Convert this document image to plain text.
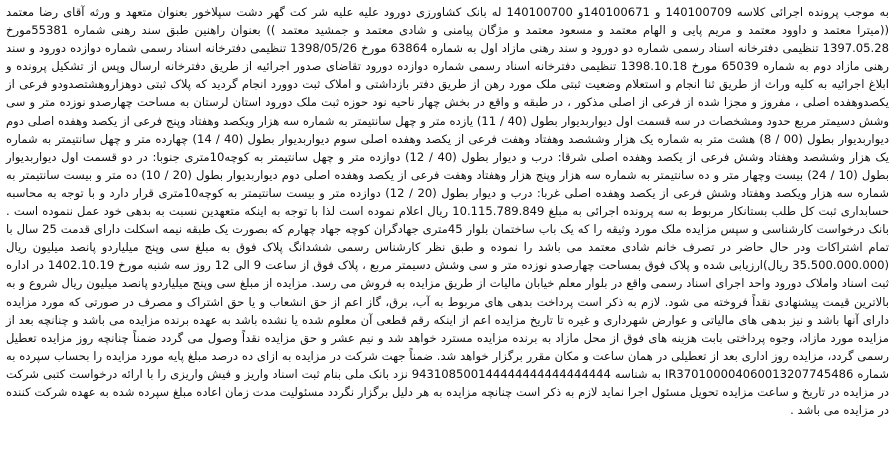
به موجب پرونده اجرائی کلاسه 140100709 و 140100671و 140100700 له بانک کشاورزی دورود علیه علیه شر کت گهر دشت سپلاخور بعنوان متعهد و ورثه آقای رضا معتمد ((میترا معتمد و داوود معتمد و مریم پایی و الهام معتمد و مسعود معتمد و مژگان پیامنی و شادی معتمد و جمشید معتمد )) بعنوان راهنین طبق سند رهنی شماره 55381مورخ 1397.05.28 تنظیمی دفترخانه اسناد رسمی شماره دو دورود و سند رهنی مازاد اول به شماره 63864 مورخ 1398/05/26 تنظیمی دفترخانه اسناد رسمی شماره دوازده دورود و سند رهنی مازاد دوم به شماره 65039 مورخ 1398.10.18 تنظیمی دفترخانه اسناد رسمی شماره دوازده دورود تقاضای صدور اجرائیه از طریق دفترخانه ارسال وپس از تشکیل پرونده و ابلاغ اجرائیه به کلیه وراث از طریق ثنا انجام و استعلام وضعیت ثبتی ملک مورد رهن از طریق دفتر بازداشتی و املاک ثبت دوورد انجام گردید که پلاک ثبتی دوهزاروهشتصدودو فرعی از یکصدوهفده اصلی ، مفروز و مجزا شده از فرعی از اصلی مذکور ، در طبقه و واقع در بخش چهار ناحیه نود حوزه ثبت ملک دورود استان لرستان به مساحت چهارصدو نوزده متر و سی وشش دسیمتر مربع حدود ومشخصات در سه قسمت اول دیواربدیوار بطول (40 / 11) یازده متر و چهل سانتیمتر به شماره سه هزار ویکصد وهفتاد وپنج فرعی از یکصد وهفده اصلی دوم دیواربدیوار بطول (00 / 8) هشت متر به شماره یک هزار وششصد وهفتاد وهفت فرعی از یکصد وهفده اصلی سوم دیواربدیوار بطول (40 / 14) چهارده متر و چهل سانتیمتر به شماره یک هزار وششصد وهفتاد وشش فرعی از یکصد وهفده اصلی شرقا: درب و دیوار بطول (40 / 12) دوازده متر و چهل سانتیمتر به کوچه10متری جنوبا: در دو قسمت اول دیواربدیوار بطول (10 / 24) بیست وچهار متر و ده سانتیمتر به شماره سه هزار وپنج هزار وهفتاد وهفت فرعی از یکصد وهفده اصلی دوم دیواربدیوار بطول (20 / 10) ده متر و بیست سانتیمتر به شماره سه هزار ویکصد وهفتاد وشش فرعی از یکصد وهفده اصلی غربا: درب و دیوار بطول (20 / 12) دوازده متر و بیست سانتیمتر به کوچه10متری قرار دارد و با توجه به محاسبه حسابداری ثبت کل طلب بستانکار مربوط به سه پرونده اجرائی به مبلغ 10.115.789.849 ریال اعلام نموده است لذا با توجه به اینکه متعهدین نسبت به بدهی خود عمل ننموده است . بانک درخواست کارشناسی و سپس مزایده ملک مورد وثیقه را که یک باب ساختمان بلوار 45متری جهادگران کوچه جهاد چهارم که بصورت یک طبقه نیمه اسکلت دارای قدمت 25 سال با تمام اشتراکات ودر حال حاضر در تصرف خانم شادی معتمد می باشد را نموده و طبق نظر کارشناس رسمی ششدانگ پلاک فوق به مبلغ سی وپنج میلیاردو پانصد میلیون ریال (35.500.000.000 ریال)ارزیابی شده و پلاک فوق بمساحت چهارصدو نوزده متر و سی وشش دسیمتر مربع ، پلاک فوق از ساعت 9 الی 12 روز سه شنبه مورخ 1402.10.19 در اداره ثبت اسناد واملاک دورود واحد اجرای اسناد رسمی واقع در بلوار معلم خیابان مالیات از طریق مزایده به فروش می رسد. مزایده از مبلغ سی وپنج میلیاردو پانصد میلیون ریال شروع و به بالاترین قیمت پیشنهادی نقداً فروخته می شود. لازم به ذکر است پرداخت بدهی های مربوط به آب، برق، گاز اعم از حق انشعاب و یا حق اشتراک و مصرف در صورتی که مورد مزایده دارای آنها باشد و نیز بدهی های مالیاتی و عوارض شهرداری و غیره تا تاریخ مزایده اعم از اینکه رقم قطعی آن معلوم شده یا نشده باشد به عهده برنده مزایده می باشد و چنانچه بعد از مزایده مورد مازاد، وجوه پرداختی بابت هزینه های فوق از محل مازاد به برنده مزایده مسترد خواهد شد و نیم عشر و حق مزایده نقداً وصول می گردد ضمناً چنانچه روز مزایده تعطیل رسمی گردد، مزایده روز اداری بعد از تعطیلی در همان ساعت و مکان مقرر برگزار خواهد شد. ضمناً جهت شرکت در مزایده به ازای ده درصد مبلغ پایه مورد مزایده را بحساب سپرده به شماره IR370100004060013207745486 به شناسه 943108500144444444444444444 نزد بانک ملی بنام ثبت اسناد واریز و فیش واریزی را با ارائه درخواست کتبی شرکت در مزایده در تاریخ و ساعت مزایده تحویل مسئول اجرا نماید لازم به ذکر است چنانچه مزایده به هر دلیل برگزار نگردد مسئولیت مدت زمان اعاده مبلغ سپرده شده به عهده شرکت کننده در مزایده می باشد .
